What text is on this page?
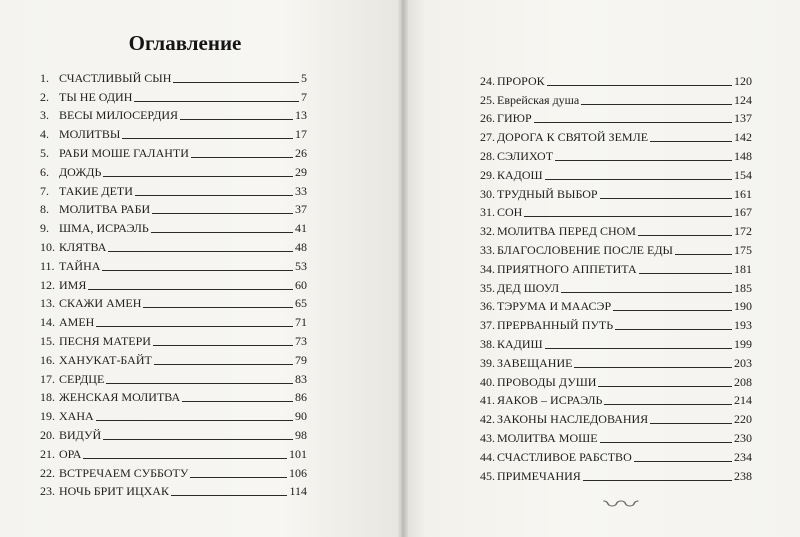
Оглавление
1. СЧАСТЛИВЫЙ СЫН	5
2. ТЫ НЕ ОДИН	7
3. ВЕСЫ МИЛОСЕРДИЯ	13
4. МОЛИТВЫ	17
5. РАБИ МОШЕ ГАЛАНТИ	26
6. ДОЖДЬ	29
7. ТАКИЕ ДЕТИ	33
8. МОЛИТВА РАБИ	37
9. ШМА, ИСРАЭЛЬ	41
10. КЛЯТВА	48
11. ТАЙНА	53
12. ИМЯ	60
13. СКАЖИ АМЕН	65
14. АМЕН	71
15. ПЕСНЯ МАТЕРИ	73
16. ХАНУКАТ-БАЙТ	79
17. СЕРДЦЕ	83
18. ЖЕНСКАЯ МОЛИТВА	86
19. ХАНА	90
20. ВИДУЙ	98
21. ОРА	101
22. ВСТРЕЧАЕМ СУББОТУ	106
23. НОЧЬ БРИТ ИЦХАК	114
24. ПРОРОК	120
25. Еврейская душа	124
26. ГИЮР	137
27. ДОРОГА К СВЯТОЙ ЗЕМЛЕ	142
28. СЭЛИХОТ	148
29. КАДОШ	154
30. ТРУДНЫЙ ВЫБОР	161
31. СОН	167
32. МОЛИТВА ПЕРЕД СНОМ	172
33. БЛАГОСЛОВЕНИЕ ПОСЛЕ ЕДЫ	175
34. ПРИЯТНОГО АППЕТИТА	181
35. ДЕД ШОУЛ	185
36. ТЭРУМА И МААСЭР	190
37. ПРЕРВАННЫЙ ПУТЬ	193
38. КАДИШ	199
39. ЗАВЕЩАНИЕ	203
40. ПРОВОДЫ ДУШИ	208
41. ЯАКОВ – ИСРАЭЛЬ	214
42. ЗАКОНЫ НАСЛЕДОВАНИЯ	220
43. МОЛИТВА МОШЕ	230
44. СЧАСТЛИВОЕ РАБСТВО	234
45. ПРИМЕЧАНИЯ	238
〰
